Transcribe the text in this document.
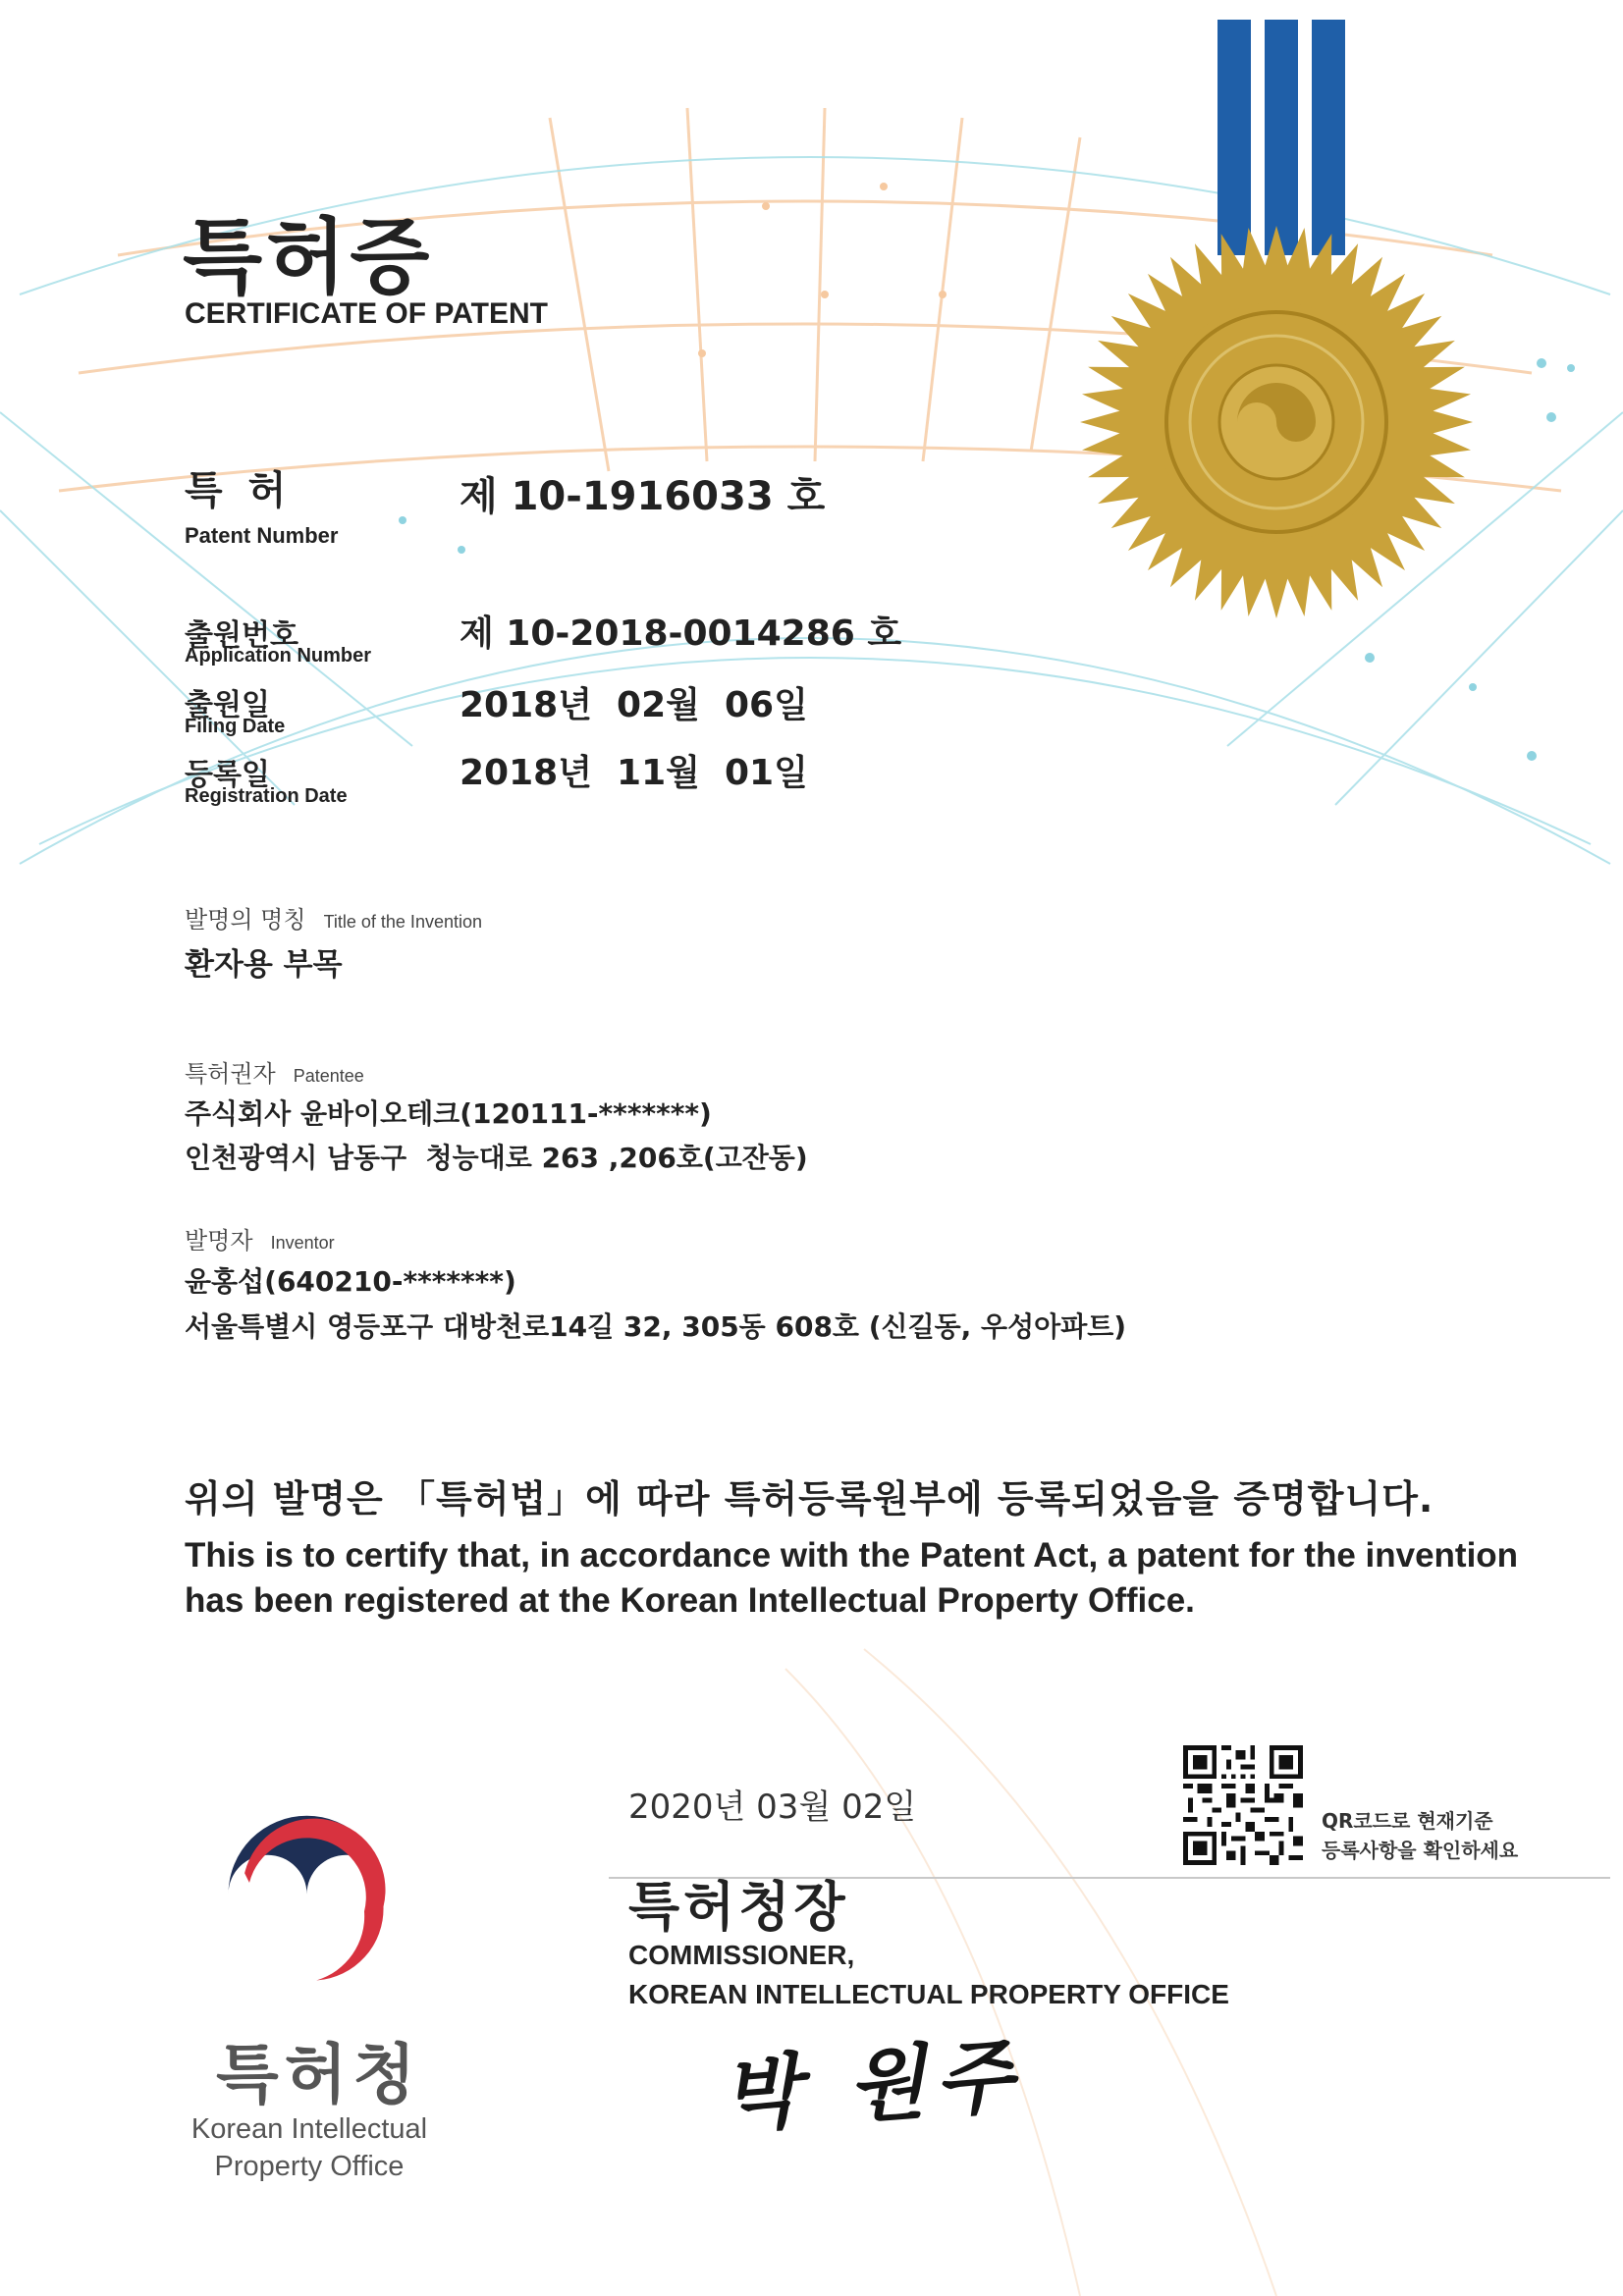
특허증
CERTIFICATE OF PATENT
특 허
Patent Number
제 10-1916033 호
출원번호
Application Number
제 10-2018-0014286 호
출원일
Filing Date
2018년  02월  06일
등록일
Registration Date
2018년  11월  01일
발명의 명칭 Title of the Invention
환자용 부목
특허권자 Patentee
주식회사 윤바이오테크(120111-*******)
인천광역시 남동구  청능대로 263 ,206호(고잔동)
발명자 Inventor
윤홍섭(640210-*******)
서울특별시 영등포구 대방천로14길 32, 305동 608호 (신길동, 우성아파트)
위의 발명은 「특허법」에 따라 특허등록원부에 등록되었음을 증명합니다.
This is to certify that, in accordance with the Patent Act, a patent for the invention
has been registered at the Korean Intellectual Property Office.
QR코드로 현재기준
등록사항을 확인하세요
2020년 03월 02일
특허청장
COMMISSIONER,
KOREAN INTELLECTUAL PROPERTY OFFICE
박 원주
특허청
Korean Intellectual
Property Office
